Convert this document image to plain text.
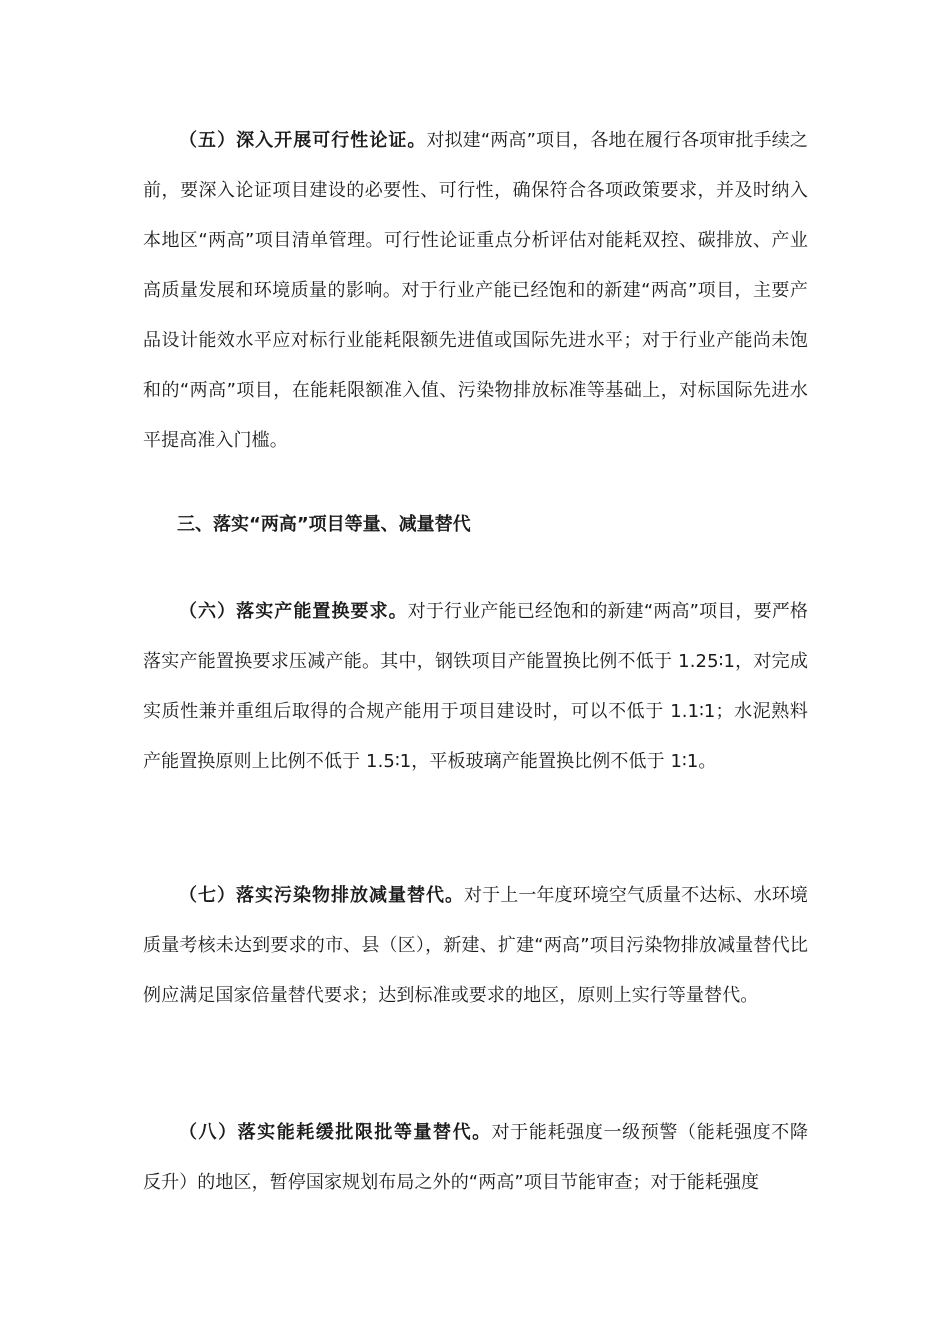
（五）深入开展可行性论证。对拟建“两高”项目，各地在履行各项审批手续之前，要深入论证项目建设的必要性、可行性，确保符合各项政策要求，并及时纳入本地区“两高”项目清单管理。可行性论证重点分析评估对能耗双控、碳排放、产业高质量发展和环境质量的影响。对于行业产能已经饱和的新建“两高”项目，主要产品设计能效水平应对标行业能耗限额先进值或国际先进水平；对于行业产能尚未饱和的“两高”项目，在能耗限额准入值、污染物排放标准等基础上，对标国际先进水平提高准入门槛。

三、落实“两高”项目等量、减量替代

（六）落实产能置换要求。对于行业产能已经饱和的新建“两高”项目，要严格落实产能置换要求压减产能。其中，钢铁项目产能置换比例不低于 1.25∶1，对完成实质性兼并重组后取得的合规产能用于项目建设时，可以不低于 1.1∶1；水泥熟料产能置换原则上比例不低于 1.5∶1，平板玻璃产能置换比例不低于 1∶1。

（七）落实污染物排放减量替代。对于上一年度环境空气质量不达标、水环境质量考核未达到要求的市、县（区），新建、扩建“两高”项目污染物排放减量替代比例应满足国家倍量替代要求；达到标准或要求的地区，原则上实行等量替代。

（八）落实能耗缓批限批等量替代。对于能耗强度一级预警（能耗强度不降反升）的地区，暂停国家规划布局之外的“两高”项目节能审查；对于能耗强度
